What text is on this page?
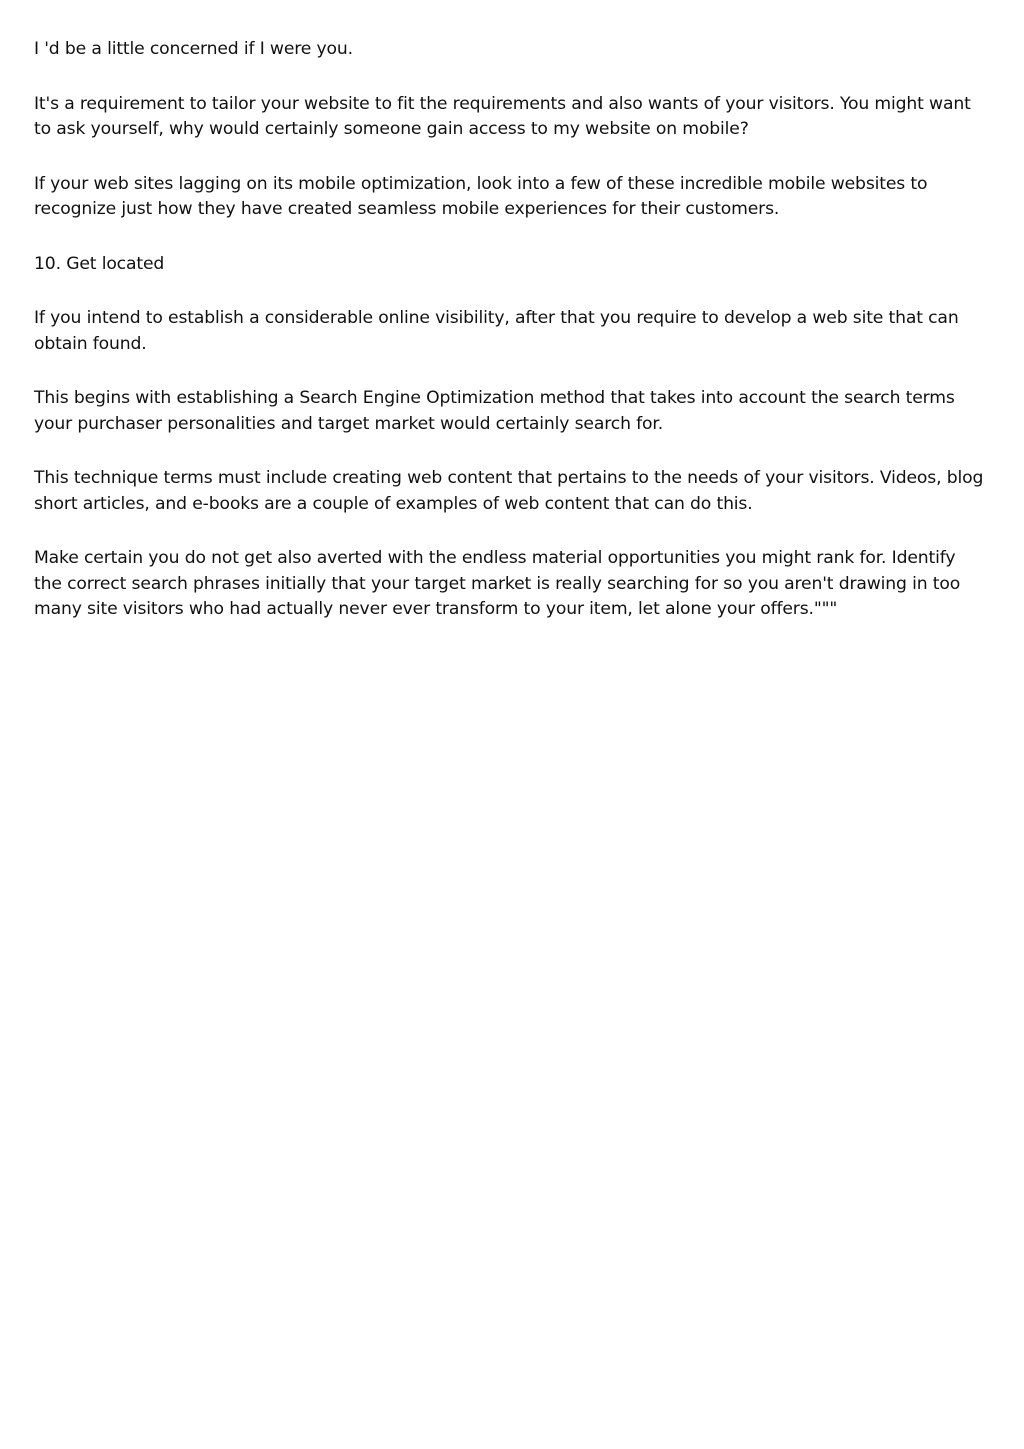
I 'd be a little concerned if I were you.

It's a requirement to tailor your website to fit the requirements and also wants of your visitors. You might want to ask yourself, why would certainly someone gain access to my website on mobile?

If your web sites lagging on its mobile optimization, look into a few of these incredible mobile websites to recognize just how they have created seamless mobile experiences for their customers.

10. Get located

If you intend to establish a considerable online visibility, after that you require to develop a web site that can obtain found.

This begins with establishing a Search Engine Optimization method that takes into account the search terms your purchaser personalities and target market would certainly search for.

This technique terms must include creating web content that pertains to the needs of your visitors. Videos, blog short articles, and e-books are a couple of examples of web content that can do this.

Make certain you do not get also averted with the endless material opportunities you might rank for. Identify the correct search phrases initially that your target market is really searching for so you aren't drawing in too many site visitors who had actually never ever transform to your item, let alone your offers."""
